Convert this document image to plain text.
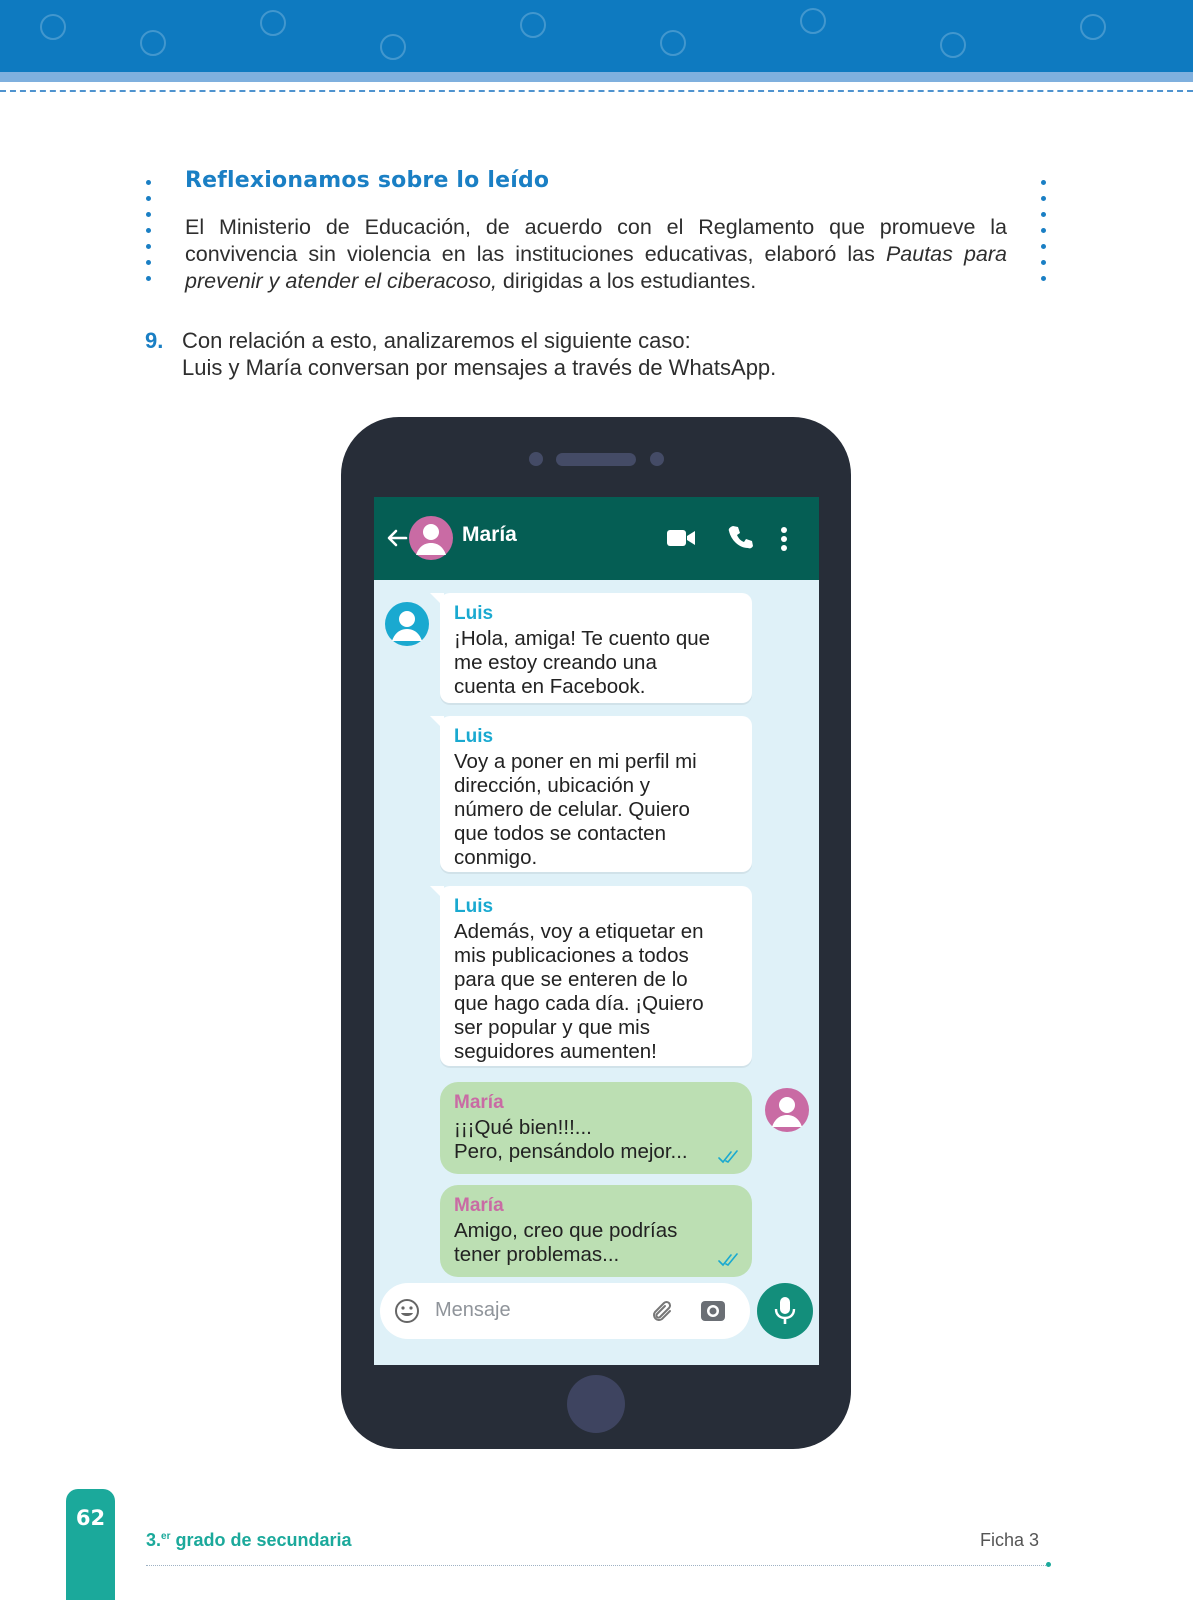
Reflexionamos sobre lo leído
El Ministerio de Educación, de acuerdo con el Reglamento que promueve la convivencia sin violencia en las instituciones educativas, elaboró las Pautas para prevenir y atender el ciberacoso, dirigidas a los estudiantes.
9. Con relación a esto, analizaremos el siguiente caso:
Luis y María conversan por mensajes a través de WhatsApp.
María
Luis
¡Hola, amiga! Te cuento que
me estoy creando una
cuenta en Facebook.
Luis
Voy a poner en mi perfil mi
dirección, ubicación y
número de celular. Quiero
que todos se contacten
conmigo.
Luis
Además, voy a etiquetar en
mis publicaciones a todos
para que se enteren de lo
que hago cada día. ¡Quiero
ser popular y que mis
seguidores aumenten!
María
¡¡¡Qué bien!!!...
Pero, pensándolo mejor...
María
Amigo, creo que podrías
tener problemas...
Mensaje
62
3.$^{er}$ grado de secundaria	Ficha 3
